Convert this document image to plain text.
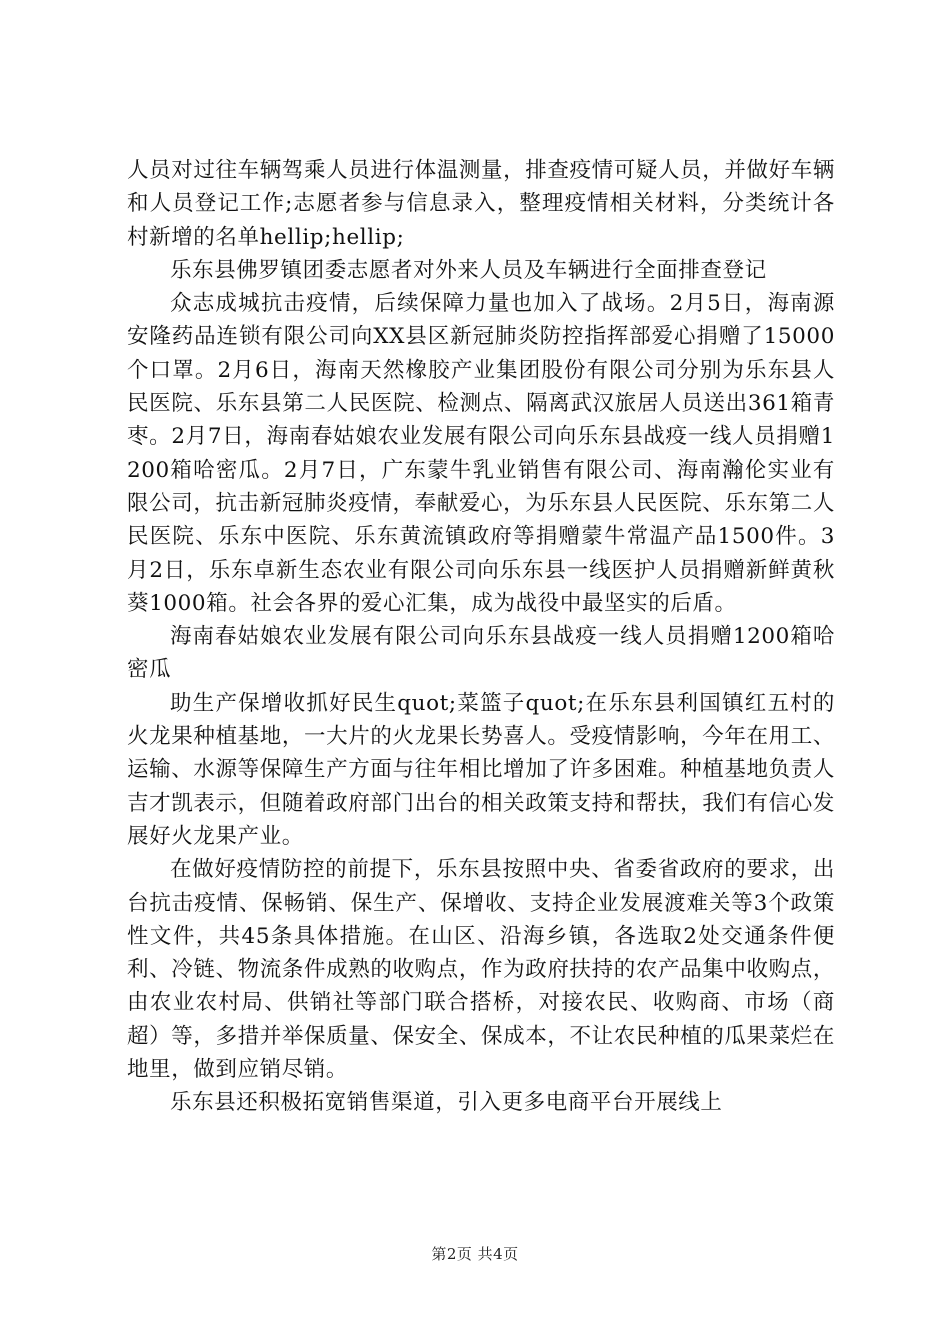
人员对过往车辆驾乘人员进行体温测量，排查疫情可疑人员，并做好车辆和人员登记工作;志愿者参与信息录入，整理疫情相关材料，分类统计各村新增的名单hellip;hellip;

乐东县佛罗镇团委志愿者对外来人员及车辆进行全面排查登记

众志成城抗击疫情，后续保障力量也加入了战场。2月5日，海南源安隆药品连锁有限公司向XX县区新冠肺炎防控指挥部爱心捐赠了15000个口罩。2月6日，海南天然橡胶产业集团股份有限公司分别为乐东县人民医院、乐东县第二人民医院、检测点、隔离武汉旅居人员送出361箱青枣。2月7日，海南春姑娘农业发展有限公司向乐东县战疫一线人员捐赠1200箱哈密瓜。2月7日，广东蒙牛乳业销售有限公司、海南瀚伦实业有限公司，抗击新冠肺炎疫情，奉献爱心，为乐东县人民医院、乐东第二人民医院、乐东中医院、乐东黄流镇政府等捐赠蒙牛常温产品1500件。3月2日，乐东卓新生态农业有限公司向乐东县一线医护人员捐赠新鲜黄秋葵1000箱。社会各界的爱心汇集，成为战役中最坚实的后盾。

海南春姑娘农业发展有限公司向乐东县战疫一线人员捐赠1200箱哈密瓜

助生产保增收抓好民生quot;菜篮子quot;在乐东县利国镇红五村的火龙果种植基地，一大片的火龙果长势喜人。受疫情影响，今年在用工、运输、水源等保障生产方面与往年相比增加了许多困难。种植基地负责人吉才凯表示，但随着政府部门出台的相关政策支持和帮扶，我们有信心发展好火龙果产业。

在做好疫情防控的前提下，乐东县按照中央、省委省政府的要求，出台抗击疫情、保畅销、保生产、保增收、支持企业发展渡难关等3个政策性文件，共45条具体措施。在山区、沿海乡镇，各选取2处交通条件便利、冷链、物流条件成熟的收购点，作为政府扶持的农产品集中收购点，由农业农村局、供销社等部门联合搭桥，对接农民、收购商、市场（商超）等，多措并举保质量、保安全、保成本，不让农民种植的瓜果菜烂在地里，做到应销尽销。

乐东县还积极拓宽销售渠道，引入更多电商平台开展线上

第2页 共4页
